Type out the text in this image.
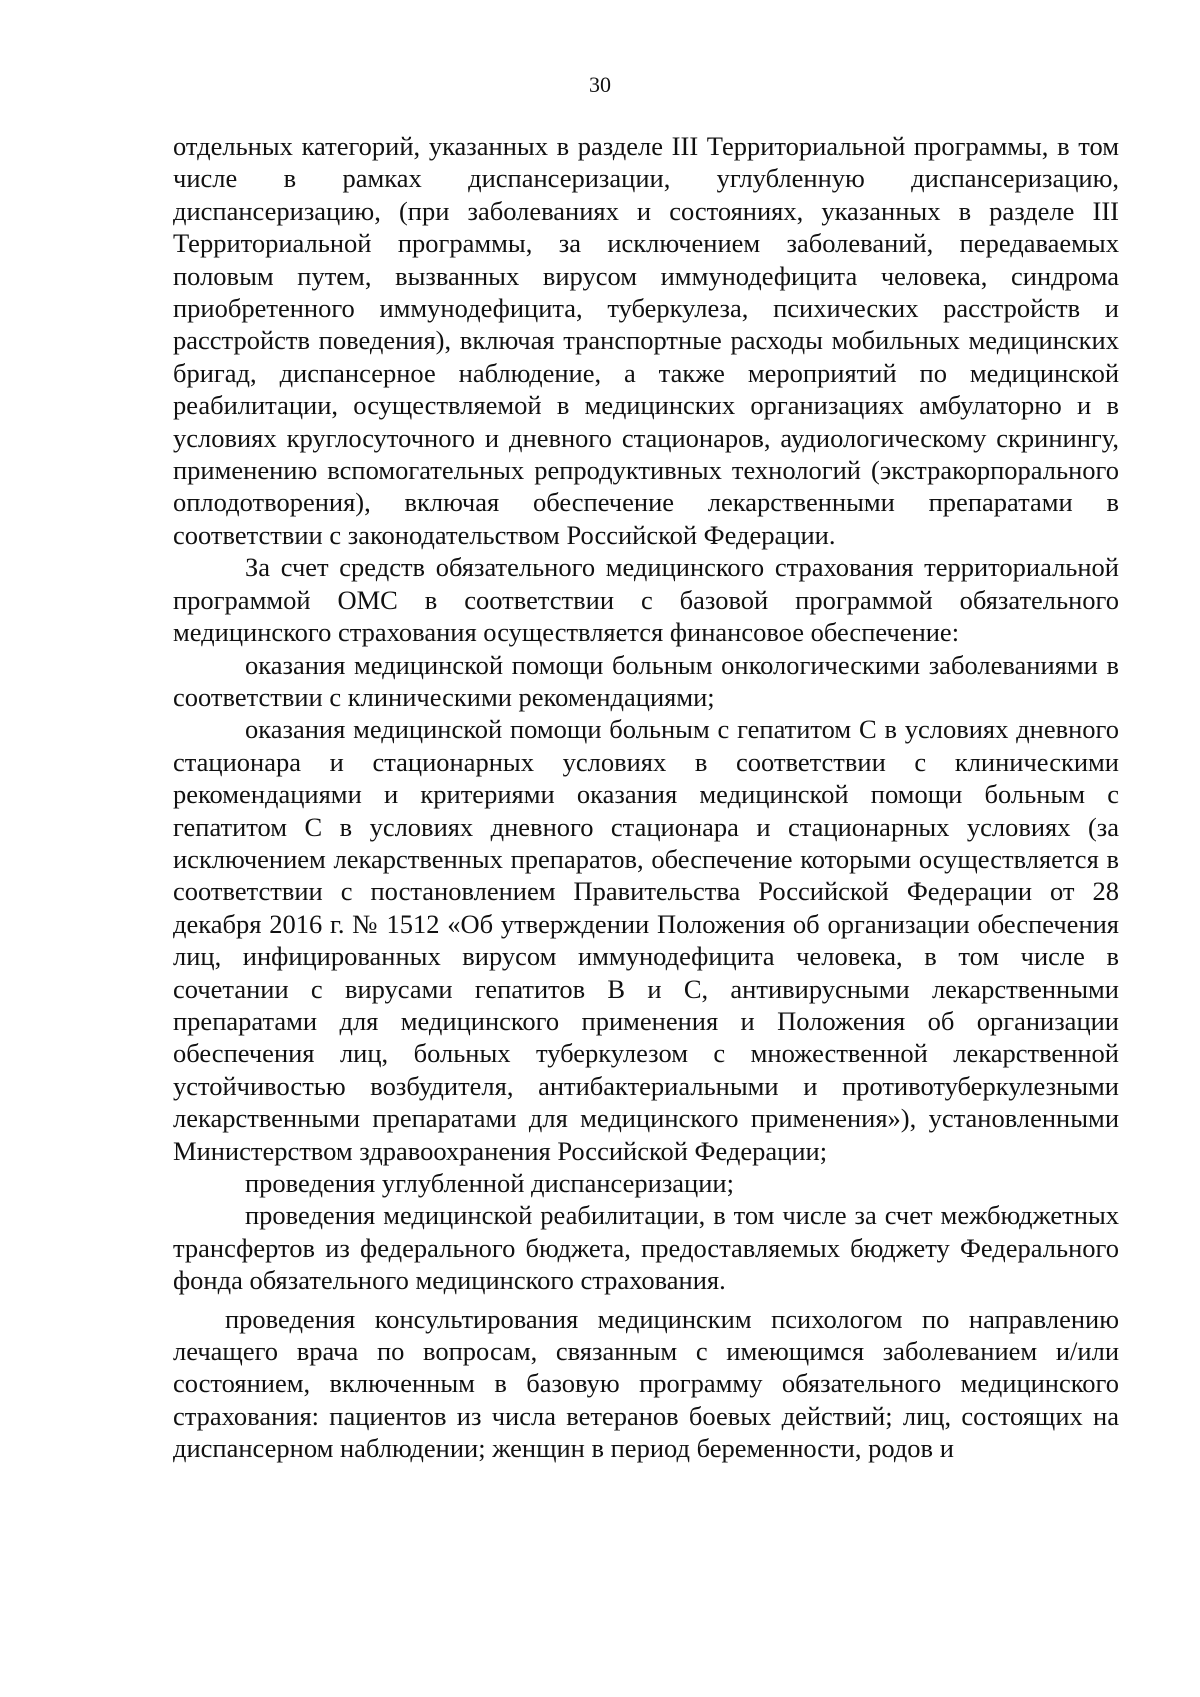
30

отдельных категорий, указанных в разделе III Территориальной программы, в том числе в рамках диспансеризации, углубленную диспансеризацию, диспансеризацию, (при заболеваниях и состояниях, указанных в разделе III Территориальной программы, за исключением заболеваний, передаваемых половым путем, вызванных вирусом иммунодефицита человека, синдрома приобретенного иммунодефицита, туберкулеза, психических расстройств и расстройств поведения), включая транспортные расходы мобильных медицинских бригад, диспансерное наблюдение, а также мероприятий по медицинской реабилитации, осуществляемой в медицинских организациях амбулаторно и в условиях круглосуточного и дневного стационаров, аудиологическому скринингу, применению вспомогательных репродуктивных технологий (экстракорпорального оплодотворения), включая обеспечение лекарственными препаратами в соответствии с законодательством Российской Федерации.

За счет средств обязательного медицинского страхования территориальной программой ОМС в соответствии с базовой программой обязательного медицинского страхования осуществляется финансовое обеспечение:

оказания медицинской помощи больным онкологическими заболеваниями в соответствии с клиническими рекомендациями;

оказания медицинской помощи больным с гепатитом С в условиях дневного стационара и стационарных условиях в соответствии с клиническими рекомендациями и критериями оказания медицинской помощи больным с гепатитом С в условиях дневного стационара и стационарных условиях (за исключением лекарственных препаратов, обеспечение которыми осуществляется в соответствии с постановлением Правительства Российской Федерации от 28 декабря 2016 г. № 1512 «Об утверждении Положения об организации обеспечения лиц, инфицированных вирусом иммунодефицита человека, в том числе в сочетании с вирусами гепатитов В и С, антивирусными лекарственными препаратами для медицинского применения и Положения об организации обеспечения лиц, больных туберкулезом с множественной лекарственной устойчивостью возбудителя, антибактериальными и противотуберкулезными лекарственными препаратами для медицинского применения»), установленными Министерством здравоохранения Российской Федерации;

проведения углубленной диспансеризации;

проведения медицинской реабилитации, в том числе за счет межбюджетных трансфертов из федерального бюджета, предоставляемых бюджету Федерального фонда обязательного медицинского страхования.

проведения консультирования медицинским психологом по направлению лечащего врача по вопросам, связанным с имеющимся заболеванием и/или состоянием, включенным в базовую программу обязательного медицинского страхования: пациентов из числа ветеранов боевых действий; лиц, состоящих на диспансерном наблюдении; женщин в период беременности, родов и
